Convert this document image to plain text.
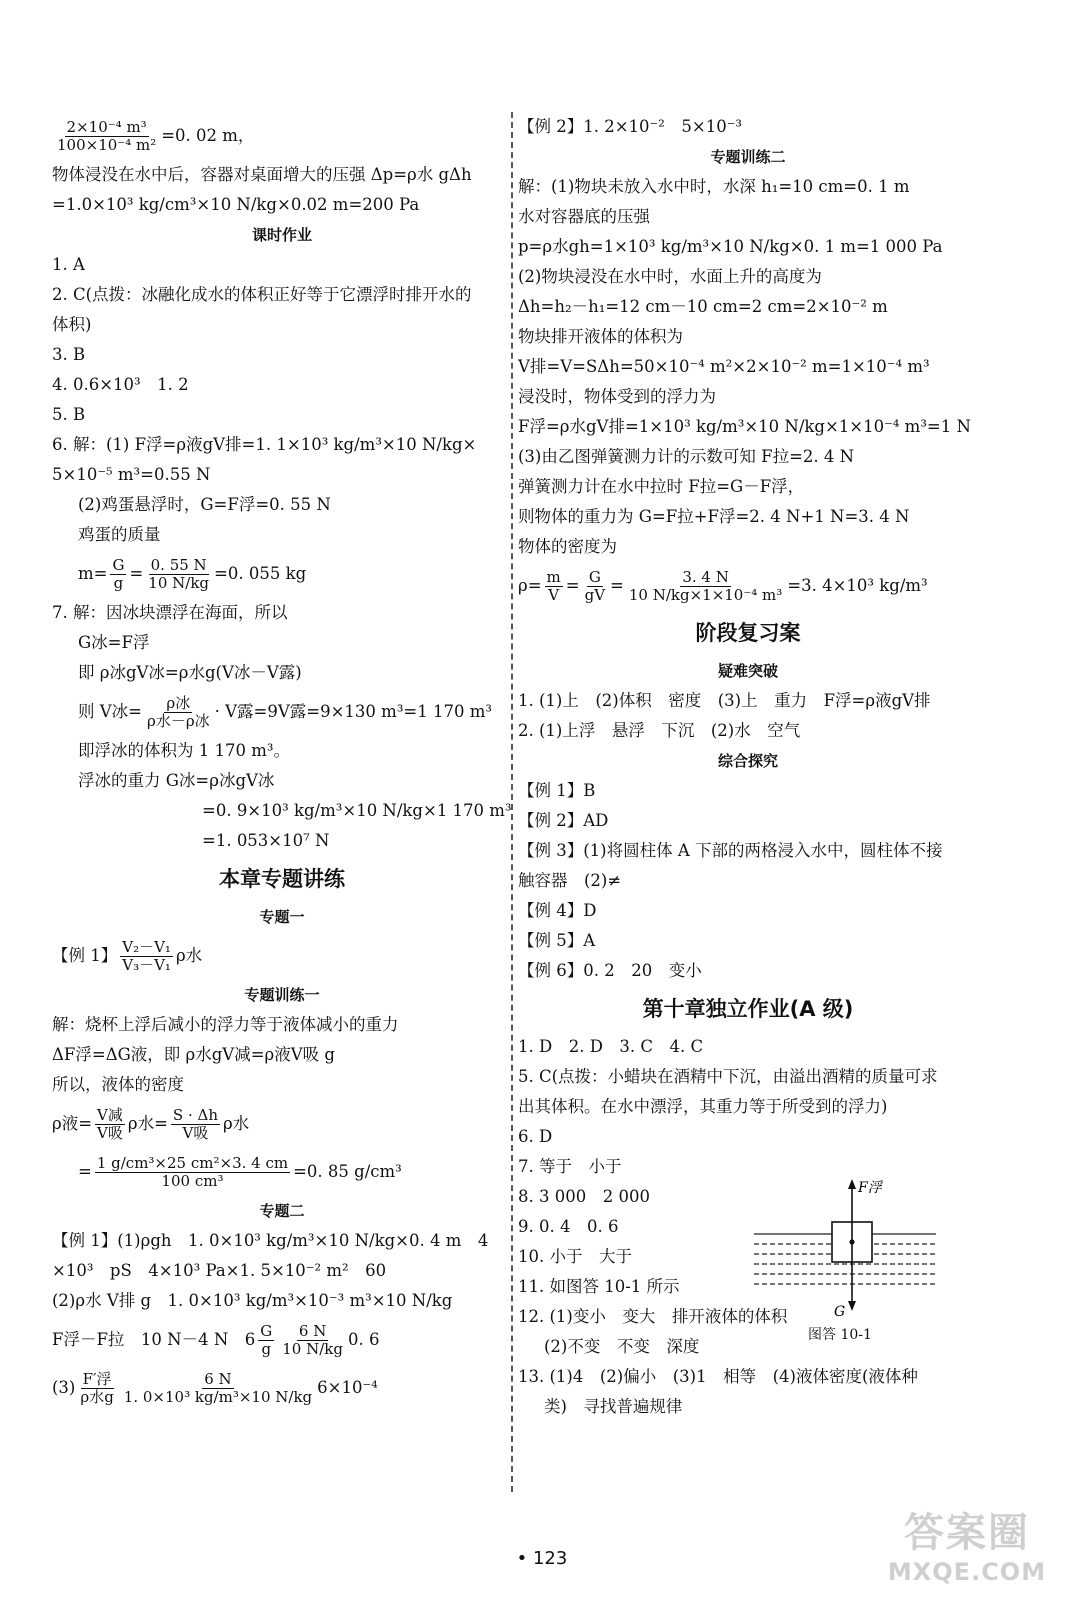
$\frac{\text{2×10⁻⁴ m³}}{\text{100×10⁻⁴ m²}} =0$. 02 m，
物体浸没在水中后，容器对桌面增大的压强 Δp=ρ水 gΔh
=1.0×10³ kg/cm³×10 N/kg×0.02 m=200 Pa
课时作业
1. A
2. C(点拨：冰融化成水的体积正好等于它漂浮时排开水的
体积)
3. B
4. 0.6×10³　1. 2
5. B
6. 解：(1) F浮=ρ液gV排=1. 1×10³ kg/m³×10 N/kg×
5×10⁻⁵ m³=0.55 N
(2)鸡蛋悬浮时，G=F浮=0. 55 N
鸡蛋的质量
$m= \frac{G}{g} = \frac{0. 55 N}{10 N/kg} =0$. 055 kg
7. 解：因冰块漂浮在海面，所以
G冰=F浮
即 ρ冰gV冰=ρ水g(V冰－V露)
则 V冰= $\frac{\text{ρ冰}}{\text{ρ水－ρ冰}} \cdot V$露=9V露=9×130 m³=1 170 m³
即浮冰的体积为 1 170 m³。
浮冰的重力 G冰=ρ冰gV冰
=0. 9×10³ kg/m³×10 N/kg×1 170 m³
=1. 053×10⁷ N
本章专题讲练
专题一
【例 1】 $\frac{\text{V₂－V₁}}{\text{V₃－V₁}}$ ρ水
专题训练一
解：烧杯上浮后减小的浮力等于液体减小的重力
ΔF浮=ΔG液，即 ρ水gV减=ρ液V吸 g
所以，液体的密度
ρ液= $\frac{\text{V减}}{\text{V吸}}$ ρ水= $\frac{S \cdot \Delta h}{\text{V吸}}$ ρ水
= $\frac{\text{1 g/cm³×25 cm²×3. 4 cm}}{\text{100 cm³}} =0$. 85 g/cm³
专题二
【例 1】(1)ρgh　1. 0×10³ kg/m³×10 N/kg×0. 4 m　4
×10³　pS　4×10³ Pa×1. 5×10⁻² m²　60
(2)ρ水 V排 g　1. 0×10³ kg/m³×10⁻³ m³×10 N/kg
F浮－F拉　10 N－4 N　$6 \frac{G}{g} \frac{6 N}{10 N/kg} 0$. 6
$(3) \frac{\text{F′浮}}{\text{ρ水g}} \frac{6 N}{\text{1. 0×10³ kg/m³×10 N/kg}} 6\times 10^{-4}$
【例 2】1. 2×10⁻²　5×10⁻³
专题训练二
解：(1)物块未放入水中时，水深 h₁=10 cm=0. 1 m
水对容器底的压强
p=ρ水gh=1×10³ kg/m³×10 N/kg×0. 1 m=1 000 Pa
(2)物块浸没在水中时，水面上升的高度为
Δh=h₂－h₁=12 cm－10 cm=2 cm=2×10⁻² m
物块排开液体的体积为
V排=V=SΔh=50×10⁻⁴ m²×2×10⁻² m=1×10⁻⁴ m³
浸没时，物体受到的浮力为
F浮=ρ水gV排=1×10³ kg/m³×10 N/kg×1×10⁻⁴ m³=1 N
(3)由乙图弹簧测力计的示数可知 F拉=2. 4 N
弹簧测力计在水中拉时 F拉=G－F浮，
则物体的重力为 G=F拉+F浮=2. 4 N+1 N=3. 4 N
物体的密度为
$\rho= \frac{m}{V} = \frac{G}{gV} = \frac{3. 4 N}{\text{10 N/kg×1×10⁻⁴ m³}} =3$. 4×10³ kg/m³
阶段复习案
疑难突破
1. (1)上　(2)体积　密度　(3)上　重力　F浮=ρ液gV排
2. (1)上浮　悬浮　下沉　(2)水　空气
综合探究
【例 1】B
【例 2】AD
【例 3】(1)将圆柱体 A 下部的两格浸入水中，圆柱体不接
触容器　(2)≠
【例 4】D
【例 5】A
【例 6】0. 2　20　变小
第十章独立作业(A 级)
1. D　2. D　3. C　4. C
5. C(点拨：小蜡块在酒精中下沉，由溢出酒精的质量可求
出其体积。在水中漂浮，其重力等于所受到的浮力)
6. D
7. 等于　小于
8. 3 000　2 000
9. 0. 4　0. 6
10. 小于　大于
11. 如图答 10-1 所示
12. (1)变小　变大　排开液体的体积
(2)不变　不变　深度
13. (1)4　(2)偏小　(3)1　相等　(4)液体密度(液体种
类)　寻找普遍规律
F浮
G
图答 10-1
• 123
答案圈
MXQE.COM
